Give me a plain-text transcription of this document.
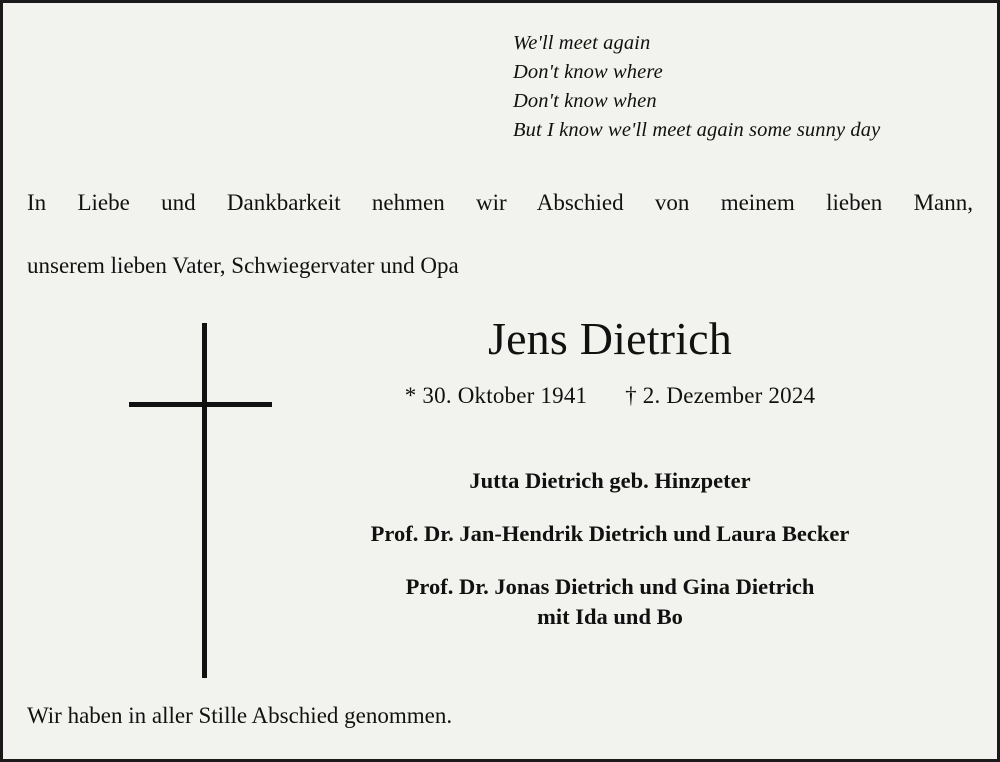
We'll meet again
Don't know where
Don't know when
But I know we'll meet again some sunny day
In Liebe und Dankbarkeit nehmen wir Abschied von meinem lieben Mann,
unserem lieben Vater, Schwiegervater und Opa
Jens Dietrich
* 30. Oktober 1941 † 2. Dezember 2024
Jutta Dietrich geb. Hinzpeter
Prof. Dr. Jan-Hendrik Dietrich und Laura Becker
Prof. Dr. Jonas Dietrich und Gina Dietrich
mit Ida und Bo
Wir haben in aller Stille Abschied genommen.
